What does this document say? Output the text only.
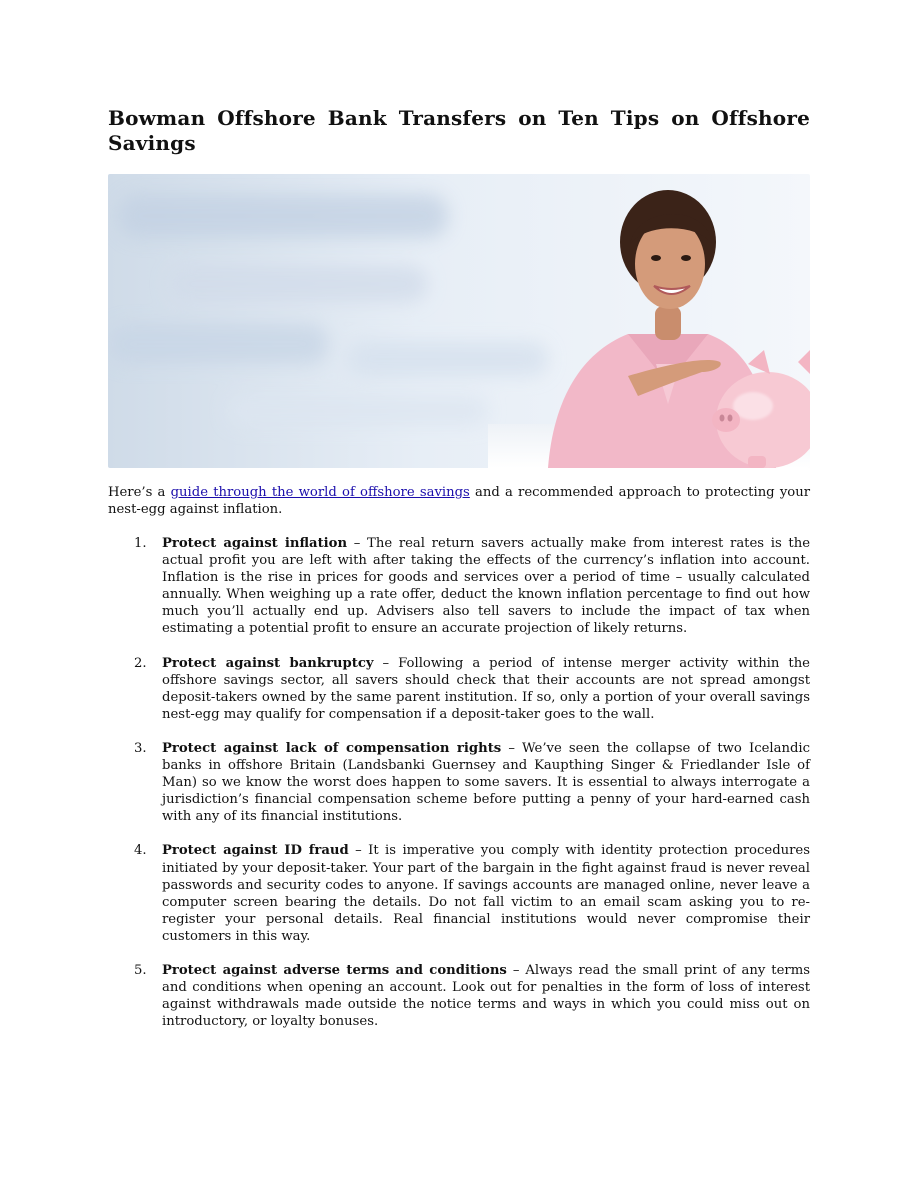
Bowman Offshore Bank Transfers on Ten Tips on Offshore Savings

Here’s a guide through the world of offshore savings and a recommended approach to protecting your nest-egg against inflation.

1. Protect against inflation – The real return savers actually make from interest rates is the actual profit you are left with after taking the effects of the currency’s inflation into account. Inflation is the rise in prices for goods and services over a period of time – usually calculated annually. When weighing up a rate offer, deduct the known inflation percentage to find out how much you’ll actually end up. Advisers also tell savers to include the impact of tax when estimating a potential profit to ensure an accurate projection of likely returns.
2. Protect against bankruptcy – Following a period of intense merger activity within the offshore savings sector, all savers should check that their accounts are not spread amongst deposit-takers owned by the same parent institution. If so, only a portion of your overall savings nest-egg may qualify for compensation if a deposit-taker goes to the wall.
3. Protect against lack of compensation rights – We’ve seen the collapse of two Icelandic banks in offshore Britain (Landsbanki Guernsey and Kaupthing Singer & Friedlander Isle of Man) so we know the worst does happen to some savers. It is essential to always interrogate a jurisdiction’s financial compensation scheme before putting a penny of your hard-earned cash with any of its financial institutions.
4. Protect against ID fraud – It is imperative you comply with identity protection procedures initiated by your deposit-taker. Your part of the bargain in the fight against fraud is never reveal passwords and security codes to anyone. If savings accounts are managed online, never leave a computer screen bearing the details. Do not fall victim to an email scam asking you to re-register your personal details. Real financial institutions would never compromise their customers in this way.
5. Protect against adverse terms and conditions – Always read the small print of any terms and conditions when opening an account. Look out for penalties in the form of loss of interest against withdrawals made outside the notice terms and ways in which you could miss out on introductory, or loyalty bonuses.
